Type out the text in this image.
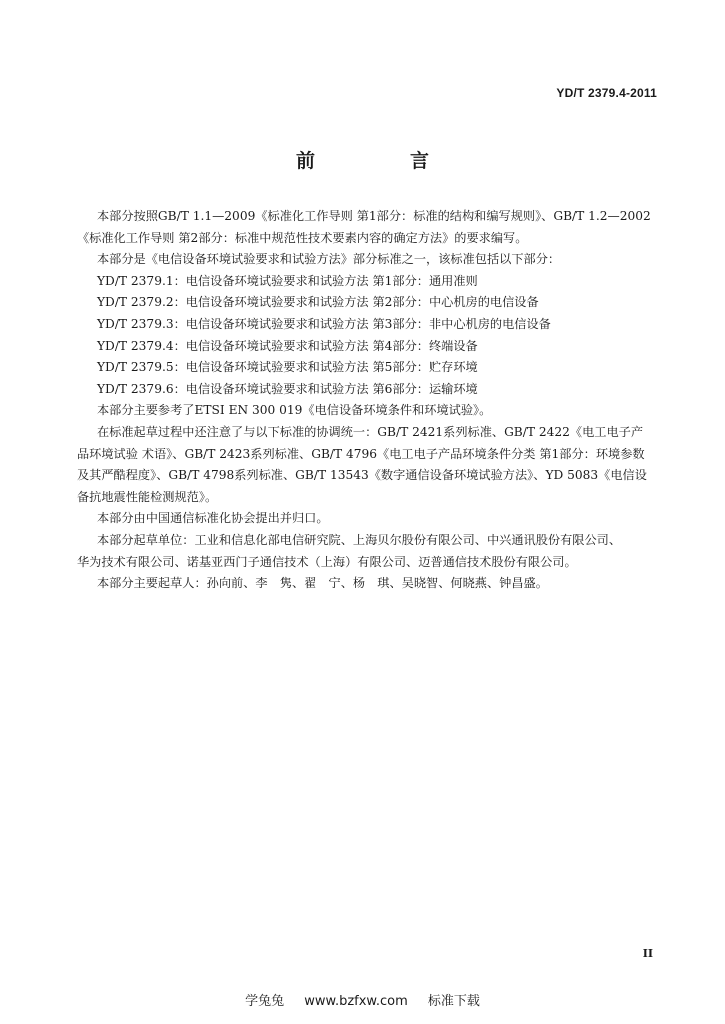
YD/T 2379.4-2011
前　言

本部分按照GB/T 1.1—2009《标准化工作导则 第1部分：标准的结构和编写规则》、GB/T 1.2—2002

《标准化工作导则 第2部分：标准中规范性技术要素内容的确定方法》的要求编写。

本部分是《电信设备环境试验要求和试验方法》部分标准之一，该标准包括以下部分：

YD/T 2379.1：电信设备环境试验要求和试验方法 第1部分：通用准则

YD/T 2379.2：电信设备环境试验要求和试验方法 第2部分：中心机房的电信设备

YD/T 2379.3：电信设备环境试验要求和试验方法 第3部分：非中心机房的电信设备

YD/T 2379.4：电信设备环境试验要求和试验方法 第4部分：终端设备

YD/T 2379.5：电信设备环境试验要求和试验方法 第5部分：贮存环境

YD/T 2379.6：电信设备环境试验要求和试验方法 第6部分：运输环境

本部分主要参考了ETSI EN 300 019《电信设备环境条件和环境试验》。

在标准起草过程中还注意了与以下标准的协调统一：GB/T 2421系列标准、GB/T 2422《电工电子产

品环境试验 术语》、GB/T 2423系列标准、GB/T 4796《电工电子产品环境条件分类 第1部分：环境参数

及其严酷程度》、GB/T 4798系列标准、GB/T 13543《数字通信设备环境试验方法》、YD 5083《电信设

备抗地震性能检测规范》。

本部分由中国通信标准化协会提出并归口。

本部分起草单位：工业和信息化部电信研究院、上海贝尔股份有限公司、中兴通讯股份有限公司、

华为技术有限公司、诺基亚西门子通信技术（上海）有限公司、迈普通信技术股份有限公司。

本部分主要起草人：孙向前、李　隽、翟　宁、杨　琪、吴晓智、何晓燕、钟昌盛。

II
学兔兔 www.bzfxw.com 标准下载
